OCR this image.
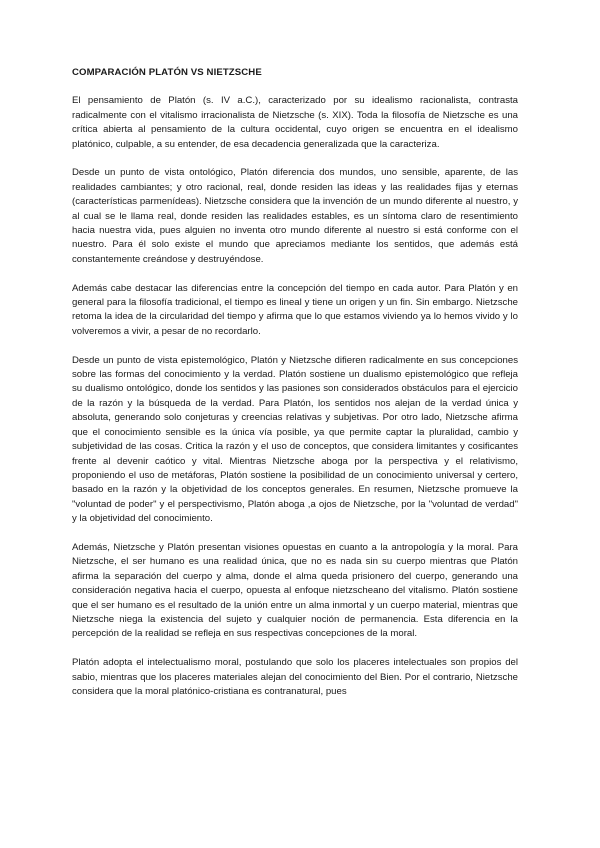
COMPARACIÓN PLATÓN VS NIETZSCHE

El pensamiento de Platón (s. IV a.C.), caracterizado por su idealismo racionalista, contrasta radicalmente con el vitalismo irracionalista de Nietzsche (s. XIX). Toda la filosofía de Nietzsche es una crítica abierta al pensamiento de la cultura occidental, cuyo origen se encuentra en el idealismo platónico, culpable, a su entender, de esa decadencia generalizada que la caracteriza.

Desde un punto de vista ontológico, Platón diferencia dos mundos, uno sensible, aparente, de las realidades cambiantes; y otro racional, real, donde residen las ideas y las realidades fijas y eternas (características parmenídeas). Nietzsche considera que la invención de un mundo diferente al nuestro, y al cual se le llama real, donde residen las realidades estables, es un síntoma claro de resentimiento hacia nuestra vida, pues alguien no inventa otro mundo diferente al nuestro si está conforme con el nuestro. Para él solo existe el mundo que apreciamos mediante los sentidos, que además está constantemente creándose y destruyéndose.

Además cabe destacar las diferencias entre la concepción del tiempo en cada autor. Para Platón y en general para la filosofía tradicional, el tiempo es lineal y tiene un origen y un fin. Sin embargo. Nietzsche retoma la idea de la circularidad del tiempo y afirma que lo que estamos viviendo ya lo hemos vivido y lo volveremos a vivir, a pesar de no recordarlo.

Desde un punto de vista epistemológico, Platón y Nietzsche difieren radicalmente en sus concepciones sobre las formas del conocimiento y la verdad. Platón sostiene un dualismo epistemológico que refleja su dualismo ontológico, donde los sentidos y las pasiones son considerados obstáculos para el ejercicio de la razón y la búsqueda de la verdad. Para Platón, los sentidos nos alejan de la verdad única y absoluta, generando solo conjeturas y creencias relativas y subjetivas. Por otro lado, Nietzsche afirma que el conocimiento sensible es la única vía posible, ya que permite captar la pluralidad, cambio y subjetividad de las cosas. Critica la razón y el uso de conceptos, que considera limitantes y cosificantes frente al devenir caótico y vital. Mientras Nietzsche aboga por la perspectiva y el relativismo, proponiendo el uso de metáforas, Platón sostiene la posibilidad de un conocimiento universal y certero, basado en la razón y la objetividad de los conceptos generales. En resumen, Nietzsche promueve la "voluntad de poder" y el perspectivismo, Platón aboga ,a ojos de Nietzsche, por la "voluntad de verdad" y la objetividad del conocimiento.

Además, Nietzsche y Platón presentan visiones opuestas en cuanto a la antropología y la moral. Para Nietzsche, el ser humano es una realidad única, que no es nada sin su cuerpo mientras que Platón afirma la separación del cuerpo y alma, donde el alma queda prisionero del cuerpo, generando una consideración negativa hacia el cuerpo, opuesta al enfoque nietzscheano del vitalismo. Platón sostiene que el ser humano es el resultado de la unión entre un alma inmortal y un cuerpo material, mientras que Nietzsche niega la existencia del sujeto y cualquier noción de permanencia. Esta diferencia en la percepción de la realidad se refleja en sus respectivas concepciones de la moral.

Platón adopta el intelectualismo moral, postulando que solo los placeres intelectuales son propios del sabio, mientras que los placeres materiales alejan del conocimiento del Bien. Por el contrario, Nietzsche considera que la moral platónico-cristiana es contranatural, pues
